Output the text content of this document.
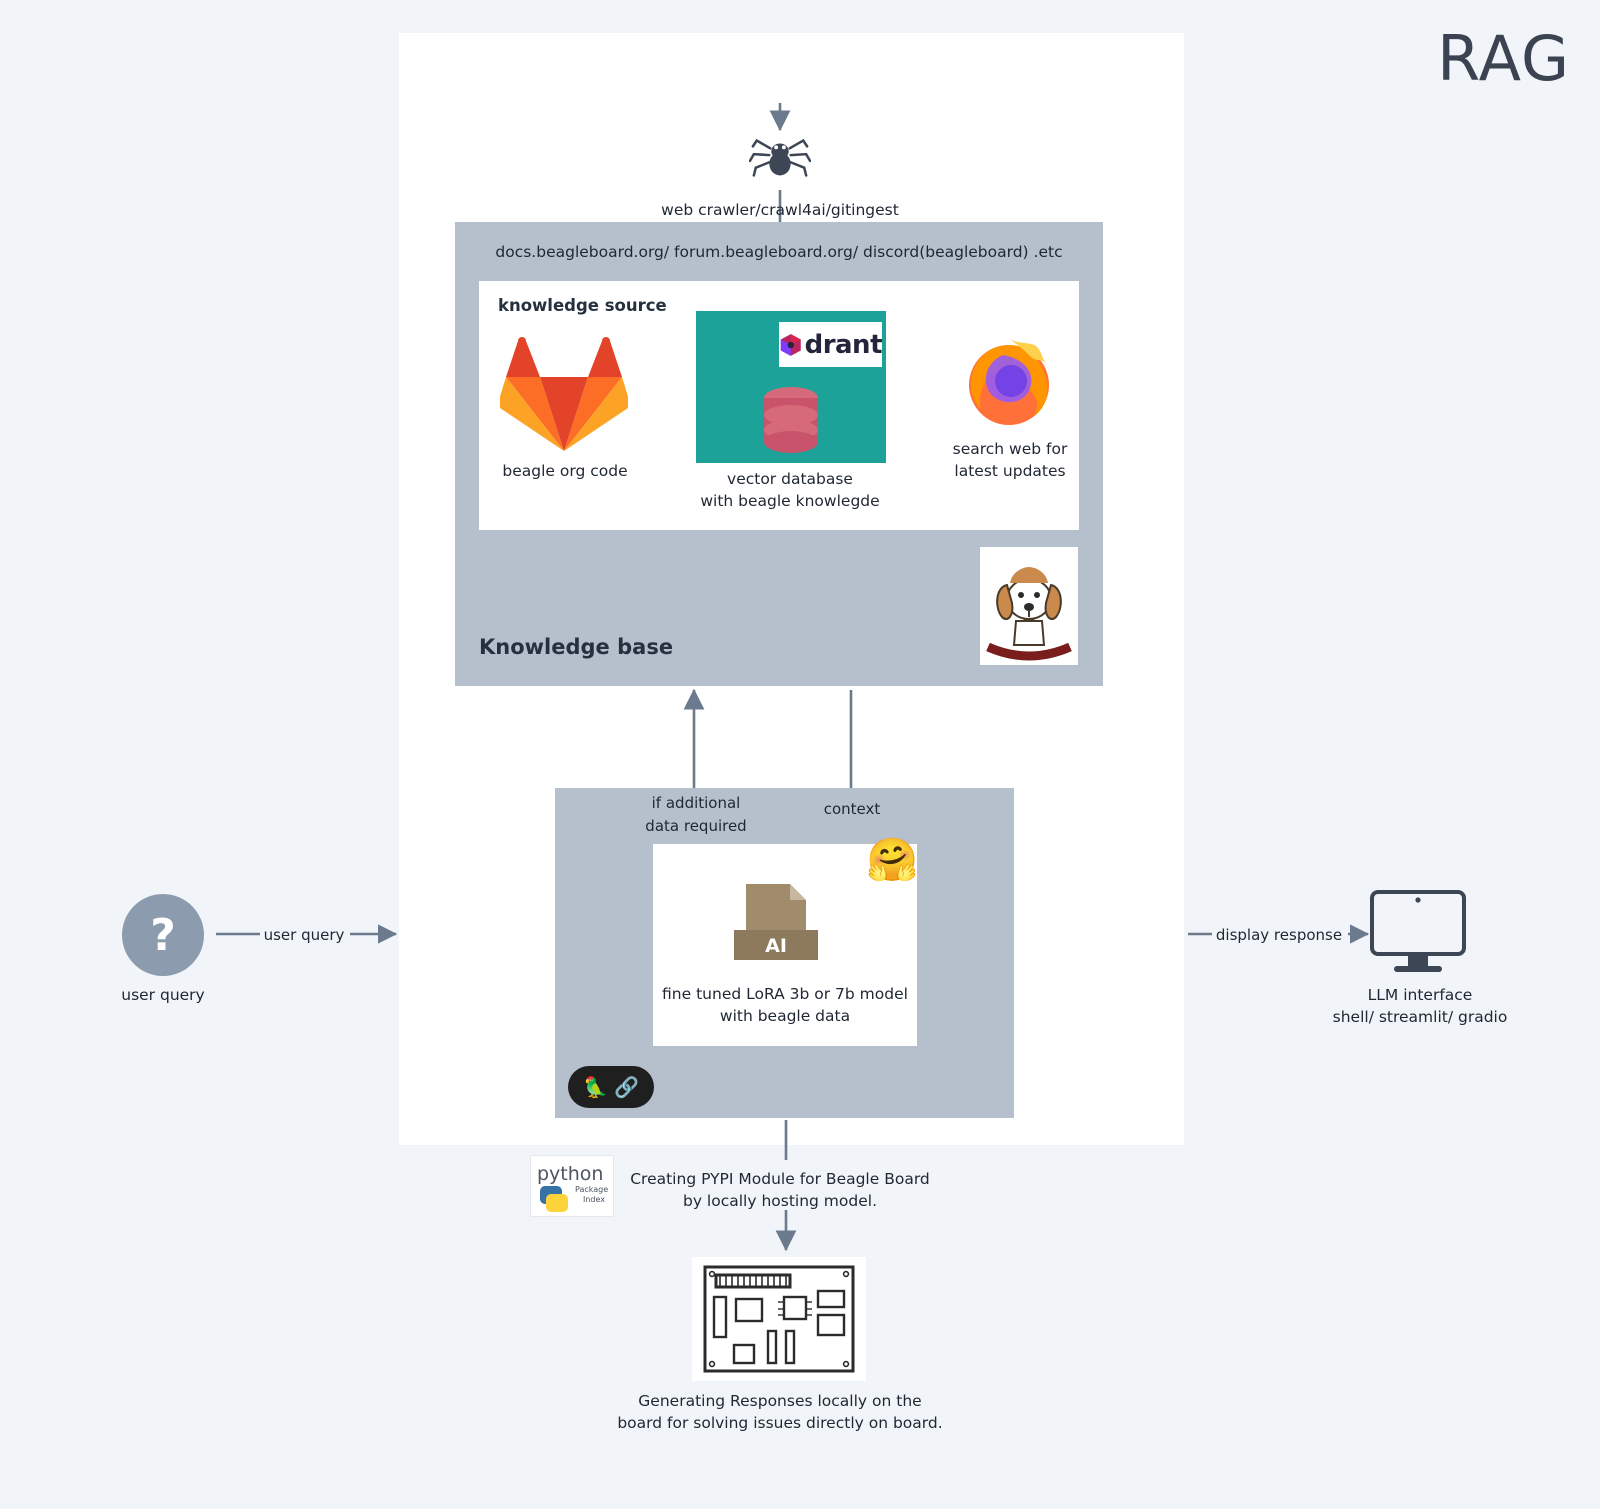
RAG
web crawler/crawl4ai/gitingest
docs.beagleboard.org/ forum.beagleboard.org/ discord(beagleboard) .etc
Knowledge base
knowledge source
beagle org code
drant
vector database
with beagle knowlegde
search web for
latest updates
AI
fine tuned LoRA 3b or 7b model
with beagle data
🤗
🦜 🔗
if additional
data required
context
?
user query
user query	display response
LLM interface
shell/ streamlit/ gradio
python
Package
Index
Creating PYPI Module for Beagle Board
by locally hosting model.
Generating Responses locally on the
board for solving issues directly on board.
